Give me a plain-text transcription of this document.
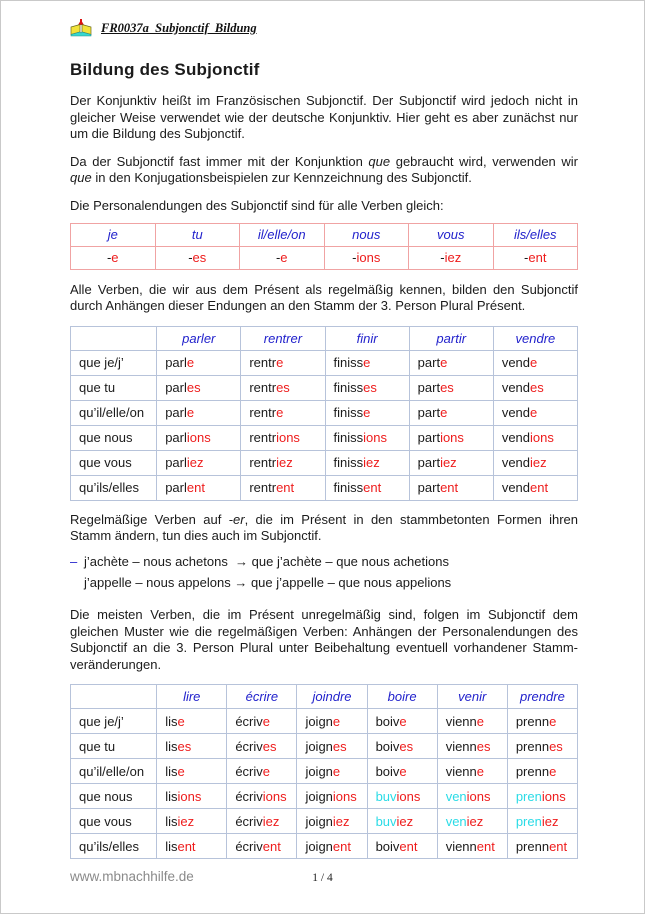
FR0037a_Subjonctif_Bildung
Bildung des Subjonctif

Der Konjunktiv heißt im Französischen Subjonctif. Der Subjonctif wird jedoch nicht in gleicher Weise verwendet wie der deutsche Konjunktiv. Hier geht es aber zunächst nur um die Bildung des Subjonctif.

Da der Subjonctif fast immer mit der Konjunktion que gebraucht wird, verwenden wir que in den Konjugationsbeispielen zur Kennzeichnung des Subjonctif.

Die Personalendungen des Subjonctif sind für alle Verben gleich:

je	tu	il/elle/on	nous	vous	ils/elles
-e	-es	-e	-ions	-iez	-ent

Alle Verben, die wir aus dem Présent als regelmäßig kennen, bilden den Subjonctif durch Anhängen dieser Endungen an den Stamm der 3. Person Plural Présent.

	parler	rentrer	finir	partir	vendre
que je/j’	parle	rentre	finisse	parte	vende
que tu	parles	rentres	finisses	partes	vendes
qu’il/elle/on	parle	rentre	finisse	parte	vende
que nous	parlions	rentrions	finissions	partions	vendions
que vous	parliez	rentriez	finissiez	partiez	vendiez
qu’ils/elles	parlent	rentrent	finissent	partent	vendent

Regelmäßige Verben auf -er, die im Présent in den stammbetonten Formen ihren Stamm ändern, tun dies auch im Subjonctif.

– j’achète – nous achetons  → que j’achète – que nous achetions
j’appelle – nous appelons → que j’appelle – que nous appelions

Die meisten Verben, die im Présent unregelmäßig sind, folgen im Subjonctif dem gleichen Muster wie die regelmäßigen Verben: Anhängen der Personalendungen des Subjonctif an die 3. Person Plural unter Beibehaltung eventuell vorhandener Stammveränderungen.

	lire	écrire	joindre	boire	venir	prendre
que je/j’	lise	écrive	joigne	boive	vienne	prenne
que tu	lises	écrives	joignes	boives	viennes	prennes
qu’il/elle/on	lise	écrive	joigne	boive	vienne	prenne
que nous	lisions	écrivions	joignions	buvions	venions	prenions
que vous	lisiez	écriviez	joigniez	buviez	veniez	preniez
qu’ils/elles	lisent	écrivent	joignent	boivent	viennent	prennent
www.mbnachhilfe.de	1 / 4
